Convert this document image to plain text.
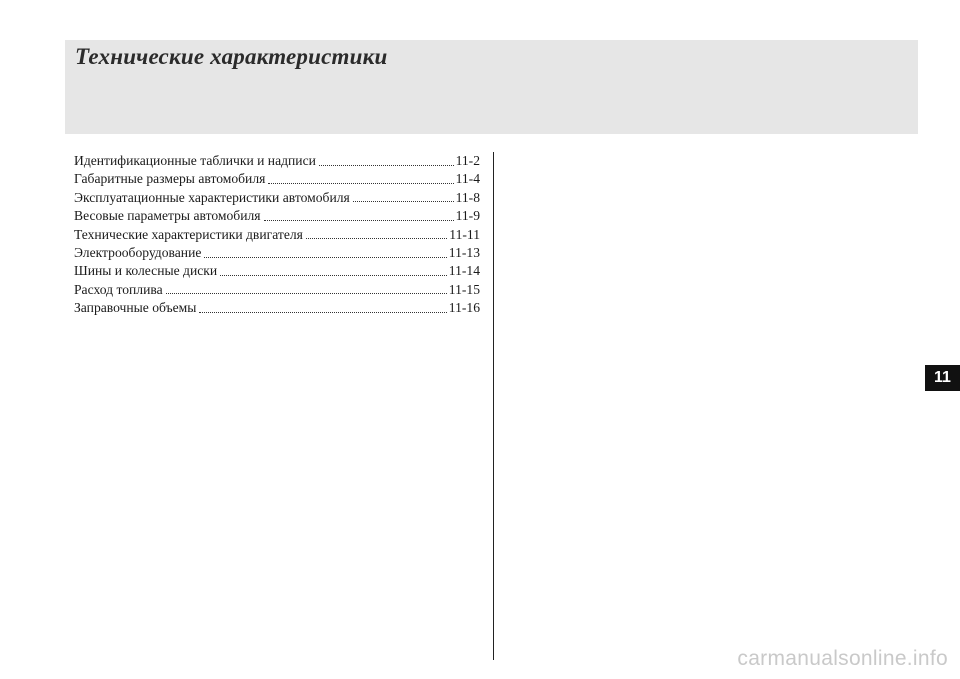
Технические характеристики
Идентификационные таблички и надписи	11-2
Габаритные размеры автомобиля	11-4
Эксплуатационные характеристики автомобиля	11-8
Весовые параметры автомобиля	11-9
Технические характеристики двигателя	11-11
Электрооборудование	11-13
Шины и колесные диски	11-14
Расход топлива	11-15
Заправочные объемы	11-16
11
carmanualsonline.info
